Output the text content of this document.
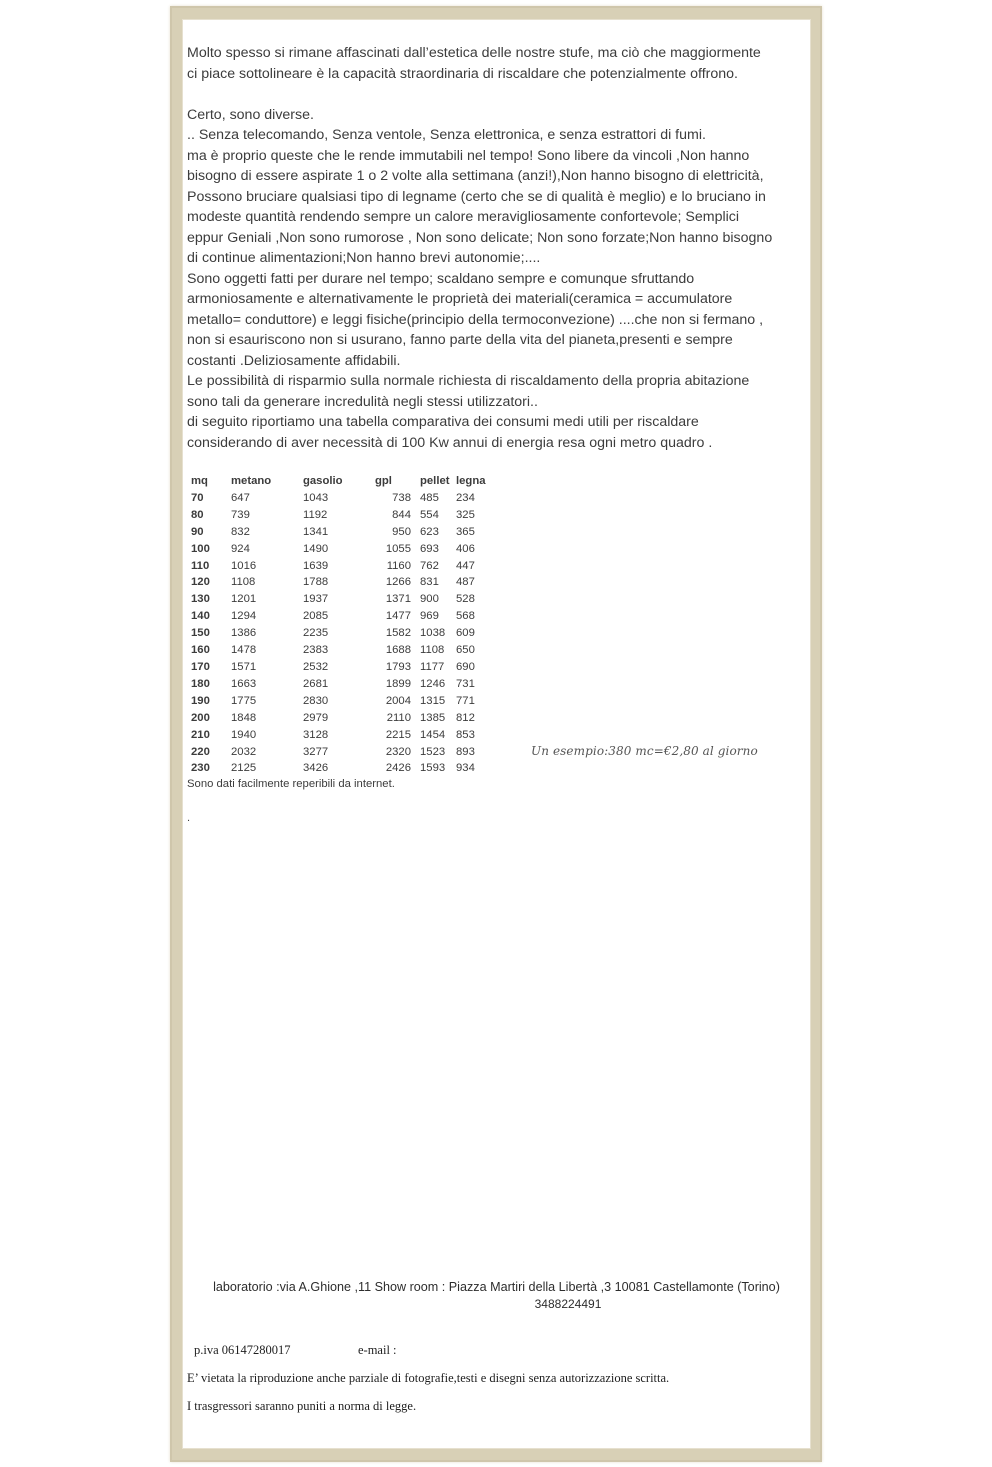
Molto spesso si rimane affascinati dall’estetica delle nostre stufe, ma ciò che maggiormente
ci piace sottolineare è la capacità straordinaria di riscaldare che potenzialmente offrono.

Certo, sono diverse.
.. Senza telecomando, Senza ventole, Senza elettronica, e senza estrattori di fumi.
ma è proprio queste che le rende immutabili nel tempo! Sono libere da vincoli ,Non hanno
bisogno di essere aspirate 1 o 2 volte alla settimana (anzi!),Non hanno bisogno di elettricità,
Possono bruciare qualsiasi tipo di legname (certo che se di qualità è meglio) e lo bruciano in
modeste quantità rendendo sempre un calore meravigliosamente confortevole; Semplici
eppur Geniali ,Non sono rumorose , Non sono delicate; Non sono forzate;Non hanno bisogno
di continue alimentazioni;Non hanno brevi autonomie;....
Sono oggetti fatti per durare nel tempo; scaldano sempre e comunque sfruttando
armoniosamente e alternativamente le proprietà dei materiali(ceramica = accumulatore
metallo= conduttore) e leggi fisiche(principio della termoconvezione) ....che non si fermano ,
non si esauriscono non si usurano, fanno parte della vita del pianeta,presenti e sempre
costanti .Deliziosamente affidabili.
Le possibilità di risparmio sulla normale richiesta di riscaldamento della propria abitazione
sono tali da generare incredulità negli stessi utilizzatori..
di seguito riportiamo una tabella comparativa dei consumi medi utili per riscaldare
considerando di aver necessità di 100 Kw annui di energia resa ogni metro quadro .

mq	metano	gasolio	gpl	pellet	legna
70	647	1043	738	485	234
80	739	1192	844	554	325
90	832	1341	950	623	365
100	924	1490	1055	693	406
110	1016	1639	1160	762	447
120	1108	1788	1266	831	487
130	1201	1937	1371	900	528
140	1294	2085	1477	969	568
150	1386	2235	1582	1038	609
160	1478	2383	1688	1108	650
170	1571	2532	1793	1177	690
180	1663	2681	1899	1246	731
190	1775	2830	2004	1315	771
200	1848	2979	2110	1385	812
210	1940	3128	2215	1454	853
220	2032	3277	2320	1523	893
230	2125	3426	2426	1593	934
Un esempio:380 mc=€2,80 al giorno
Sono dati facilmente reperibili da internet.
.
laboratorio :via A.Ghione ,11 Show room : Piazza Martiri della Libertà ,3 10081 Castellamonte (Torino)
3488224491
p.iva 06147280017	e-mail :
E’ vietata la riproduzione anche parziale di fotografie,testi e disegni senza autorizzazione scritta.
I trasgressori saranno puniti a norma di legge.
